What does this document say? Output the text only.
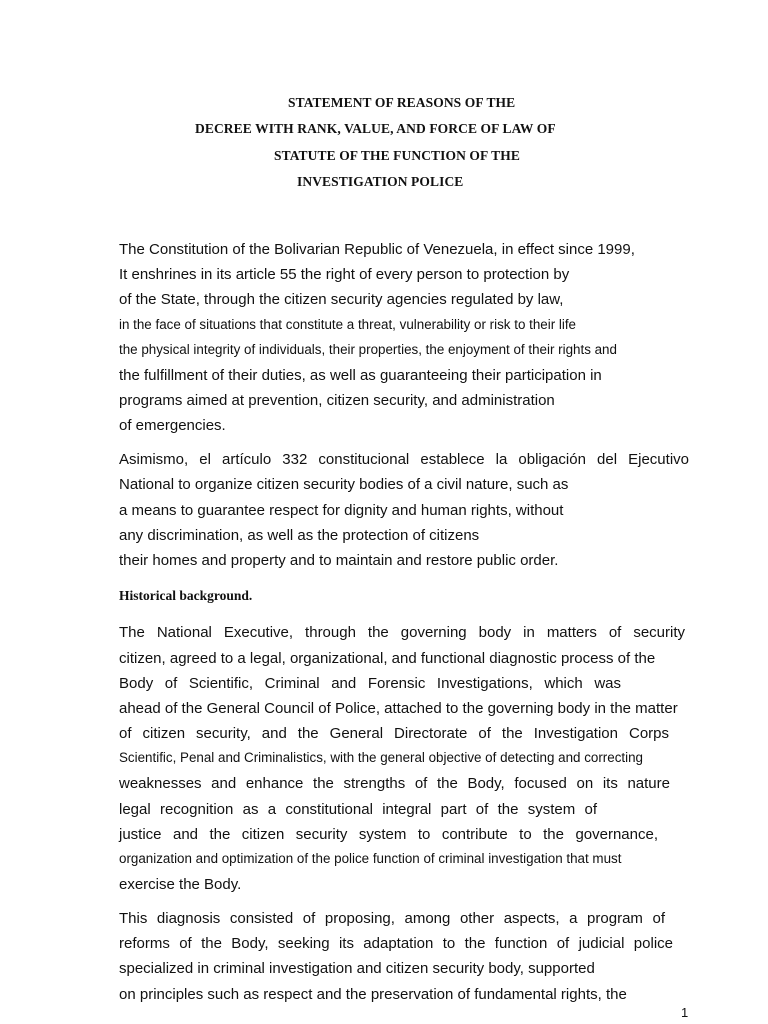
STATEMENT OF REASONS OF THE
DECREE WITH RANK, VALUE, AND FORCE OF LAW OF
STATUTE OF THE FUNCTION OF THE
INVESTIGATION POLICE
The Constitution of the Bolivarian Republic of Venezuela, in effect since 1999,
It enshrines in its article 55 the right of every person to protection by
of the State, through the citizen security agencies regulated by law,
in the face of situations that constitute a threat, vulnerability or risk to their life
the physical integrity of individuals, their properties, the enjoyment of their rights and
the fulfillment of their duties, as well as guaranteeing their participation in
programs aimed at prevention, citizen security, and administration
of emergencies.
Asimismo, el artículo 332 constitucional establece la obligación del Ejecutivo
National to organize citizen security bodies of a civil nature, such as
a means to guarantee respect for dignity and human rights, without
any discrimination, as well as the protection of citizens
their homes and property and to maintain and restore public order.
Historical background.
The National Executive, through the governing body in matters of security
citizen, agreed to a legal, organizational, and functional diagnostic process of the
Body of Scientific, Criminal and Forensic Investigations, which was
ahead of the General Council of Police, attached to the governing body in the matter
of citizen security, and the General Directorate of the Investigation Corps
Scientific, Penal and Criminalistics, with the general objective of detecting and correcting
weaknesses and enhance the strengths of the Body, focused on its nature
legal recognition as a constitutional integral part of the system of
justice and the citizen security system to contribute to the governance,
organization and optimization of the police function of criminal investigation that must
exercise the Body.
This diagnosis consisted of proposing, among other aspects, a program of
reforms of the Body, seeking its adaptation to the function of judicial police
specialized in criminal investigation and citizen security body, supported
on principles such as respect and the preservation of fundamental rights, the
1
